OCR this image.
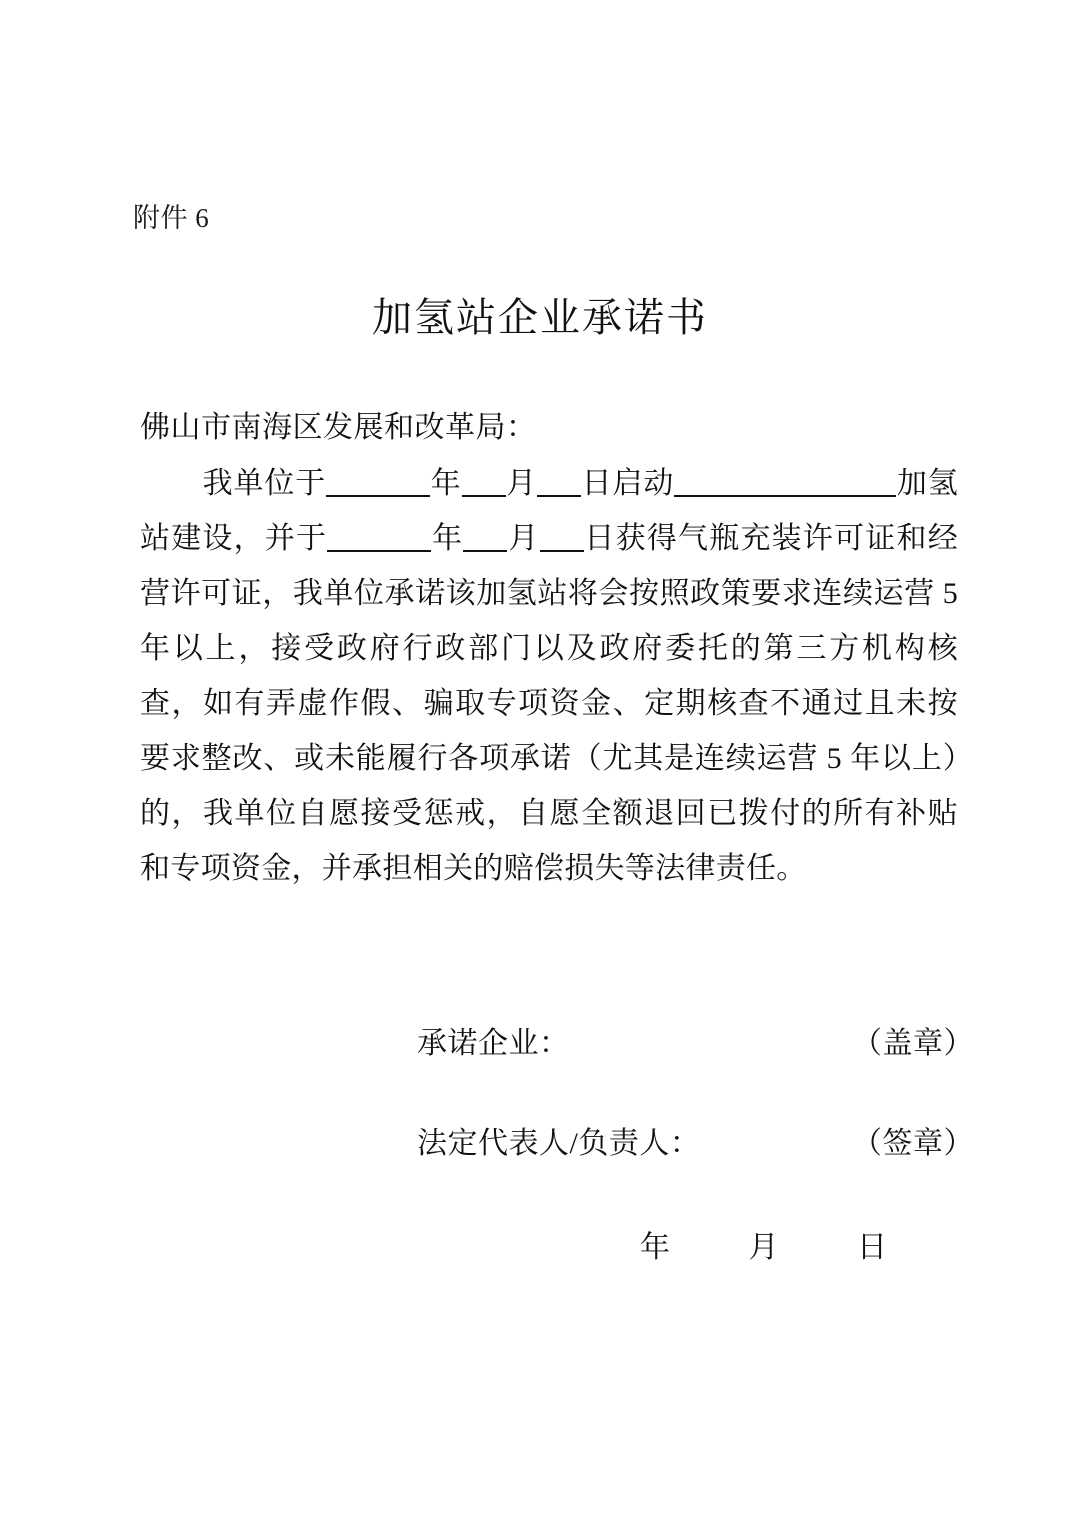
附件 6
加氢站企业承诺书
佛山市南海区发展和改革局：
我单位于	年 月 日启动	加氢站建设，并于	年 月 日获得气瓶充装许可证和经营许可证，我单位承诺该加氢站将会按照政策要求连续运营 5 年以上，接受政府行政部门以及政府委托的第三方机构核查，如有弄虚作假、骗取专项资金、定期核查不通过且未按要求整改、或未能履行各项承诺（尤其是连续运营 5 年以上）的，我单位自愿接受惩戒，自愿全额退回已拨付的所有补贴和专项资金，并承担相关的赔偿损失等法律责任。
承诺企业：	（盖章）
法定代表人/负责人：	（签章）
年	月	日
